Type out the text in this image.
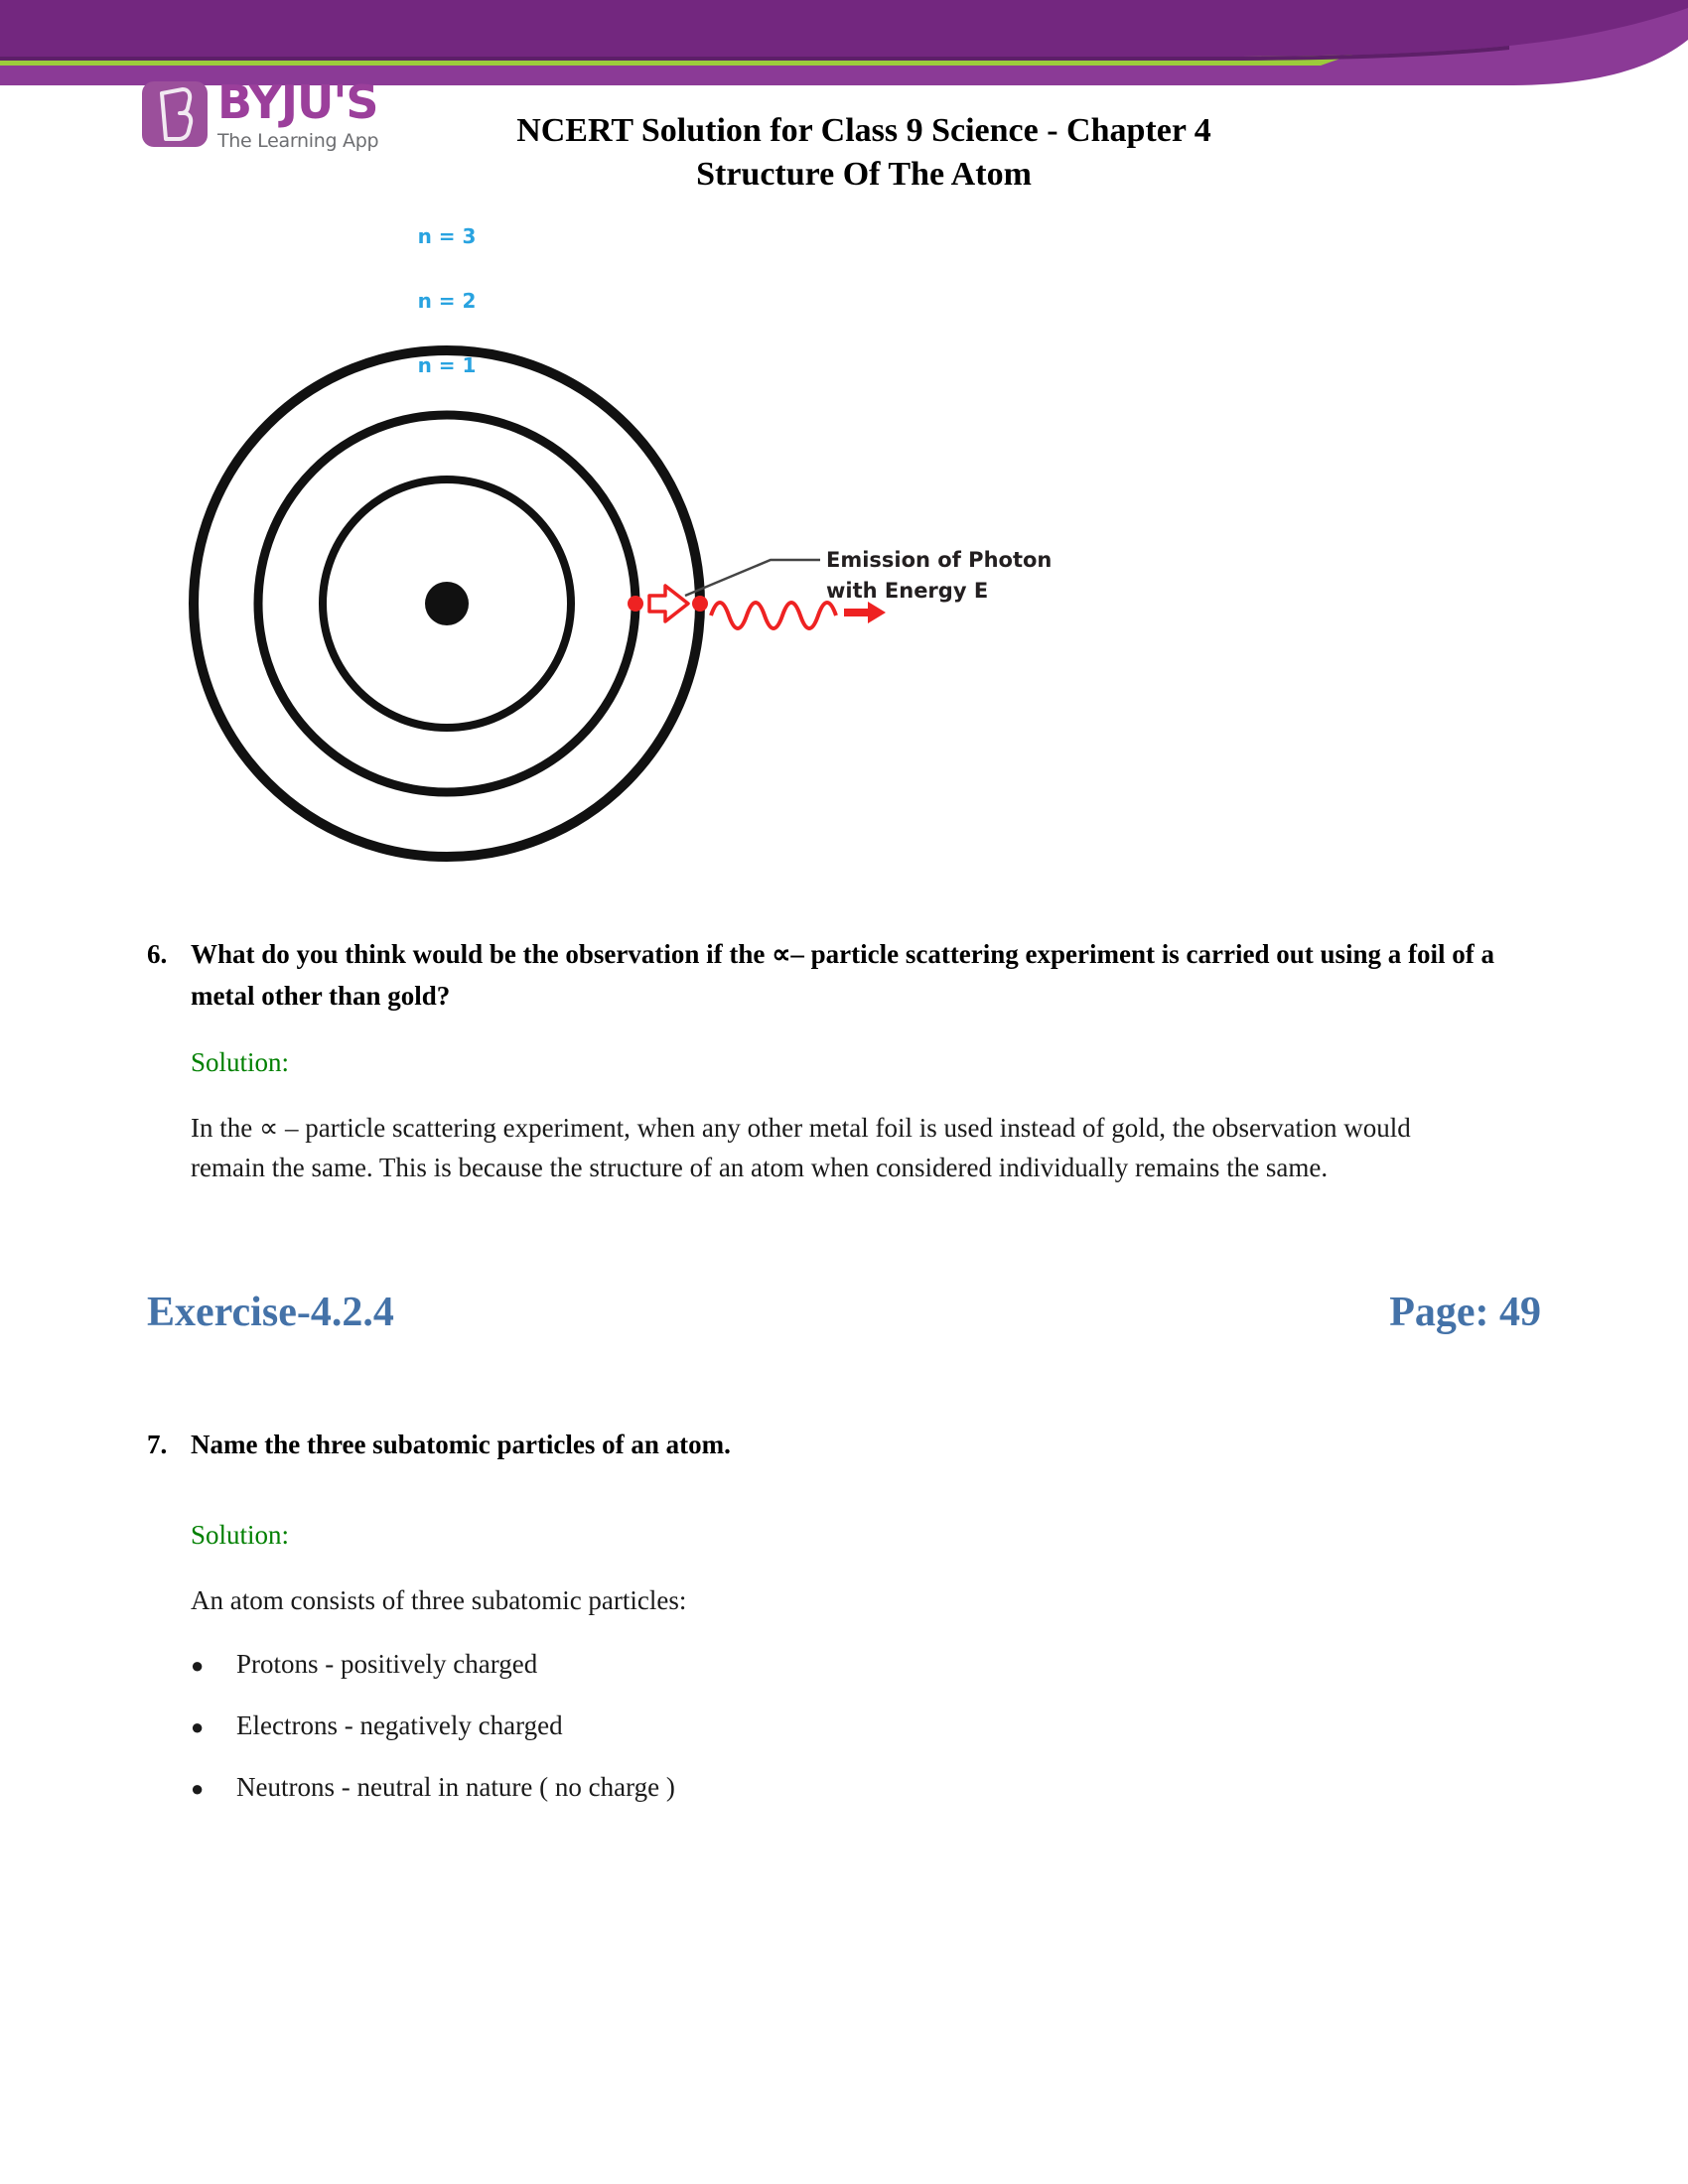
BYJU'S
The Learning App	NCERT Solution for Class 9 Science - Chapter 4
Structure Of The Atom
n = 3
n = 2
n = 1
Emission of Photon
with Energy E
6. What do you think would be the observation if the ∝– particle scattering experiment is carried out using a foil of a metal other than gold?
Solution:
In the ∝ – particle scattering experiment, when any other metal foil is used instead of gold, the observation would remain the same. This is because the structure of an atom when considered individually remains the same.
Exercise-4.2.4	Page: 49
7. Name the three subatomic particles of an atom.
Solution:
An atom consists of three subatomic particles:
●	Protons - positively charged
●	Electrons - negatively charged
●	Neutrons - neutral in nature ( no charge )
